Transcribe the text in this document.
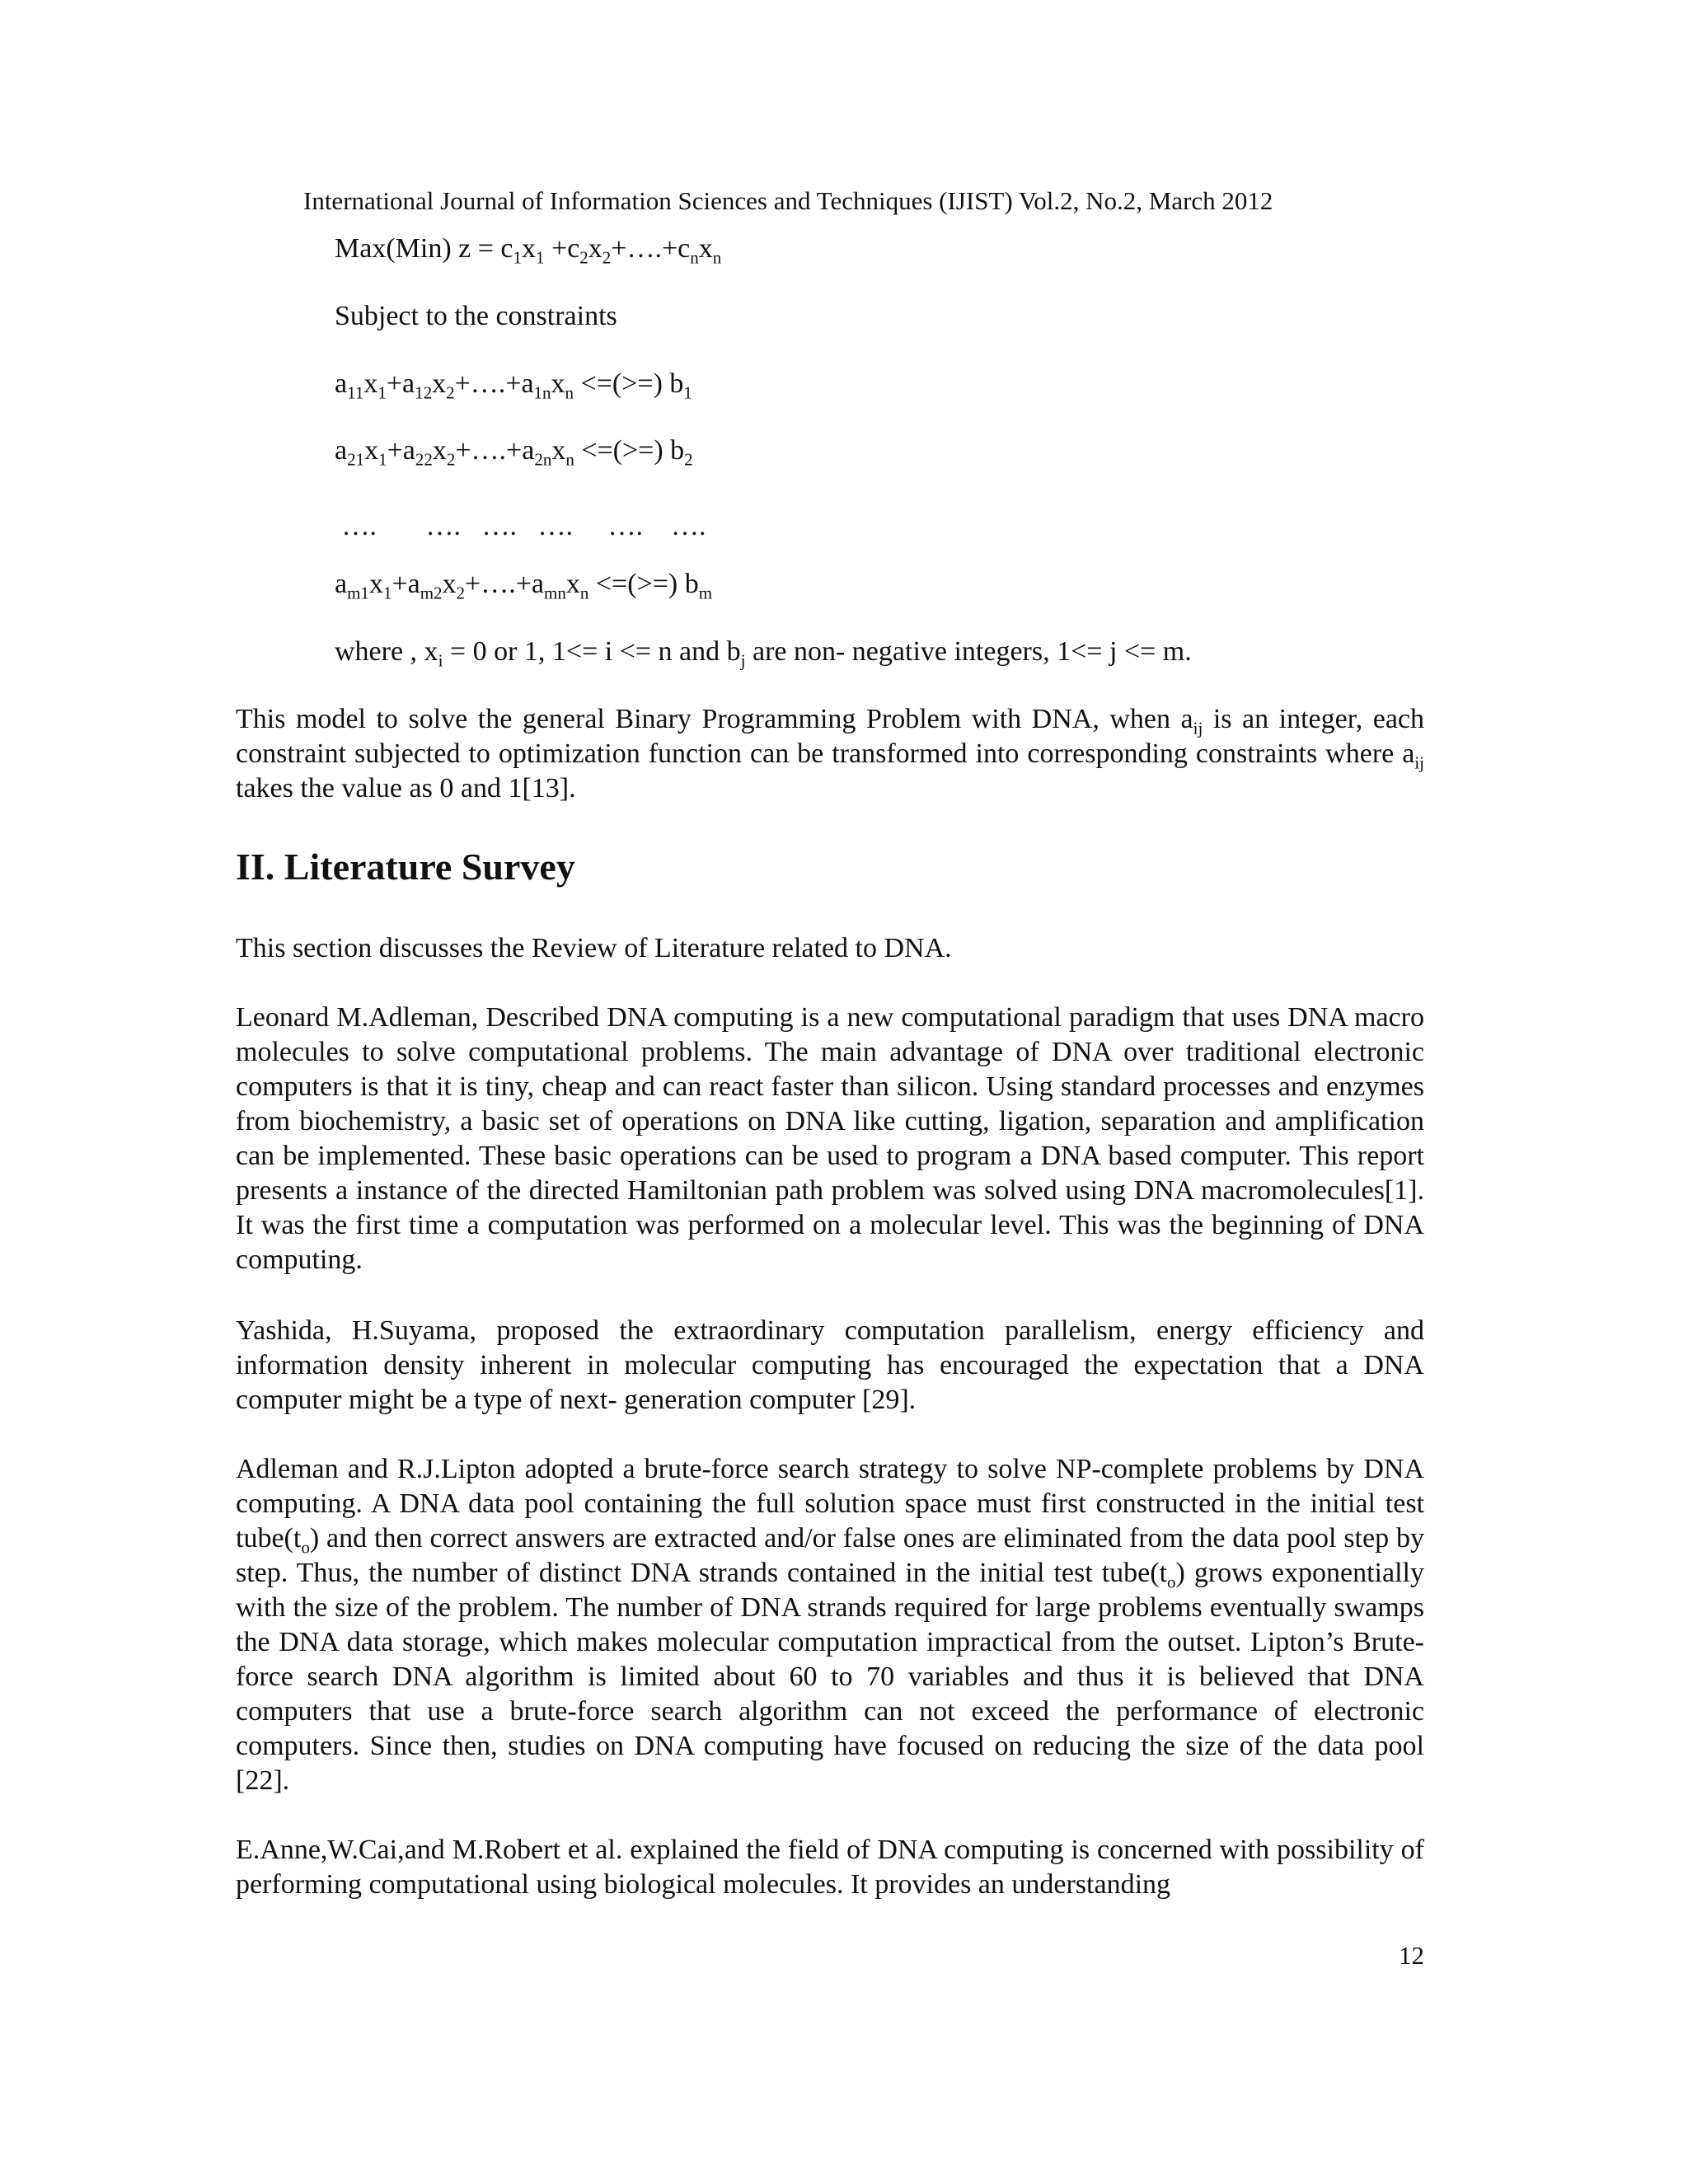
International Journal of Information Sciences and Techniques (IJIST) Vol.2, No.2, March 2012
Max(Min) $z = c_1x_1$ $+c_2x_2+\dots.+c_nx_n$
Subject to the constraints
$a_{11}x_1+a_{12}x_2+\dots.+a_{1n}x_n$ <=(>=) $b_1$
$a_{21}x_1+a_{22}x_2+\dots.+a_{2n}x_n$ <=(>=) $b_2$
….       ….   ….   ….     ….    ….
$a_{m1}x_1+a_{m2}x_2+\dots.+a_{mn}x_n$ <=(>=) $b_m$
where , $x_i = 0$ or 1, 1<= i <= n and $b_j$ are non- negative integers, 1<= j <= m.
This model to solve the general Binary Programming Problem with DNA, when $a_{ij}$ is an integer, each constraint subjected to optimization function can be transformed into corresponding constraints where $a_{ij}$ takes the value as 0 and 1[13].
II. Literature Survey
This section discusses the Review of Literature related to DNA.
Leonard M.Adleman, Described DNA computing is a new computational paradigm that uses DNA macro molecules to solve computational problems. The main advantage of DNA over traditional electronic computers is that it is tiny, cheap and can react faster than silicon. Using standard processes and enzymes from biochemistry, a basic set of operations on DNA like cutting, ligation, separation and amplification can be implemented. These basic operations can be used to program a DNA based computer. This report presents a instance of the directed Hamiltonian path problem was solved using DNA macromolecules[1]. It was the first time a computation was performed on a molecular level. This was the beginning of DNA computing.
Yashida, H.Suyama, proposed the extraordinary computation parallelism, energy efficiency and information density inherent in molecular computing has encouraged the expectation that a DNA computer might be a type of next- generation computer [29].
Adleman and R.J.Lipton adopted a brute-force search strategy to solve NP-complete problems by DNA computing. A DNA data pool containing the full solution space must first constructed in the initial test $tube(t_o)$ and then correct answers are extracted and/or false ones are eliminated from the data pool step by step. Thus, the number of distinct DNA strands contained in the initial test $tube(t_o)$ grows exponentially with the size of the problem. The number of DNA strands required for large problems eventually swamps the DNA data storage, which makes molecular computation impractical from the outset. Lipton’s Brute-force search DNA algorithm is limited about 60 to 70 variables and thus it is believed that DNA computers that use a brute-force search algorithm can not exceed the performance of electronic computers. Since then, studies on DNA computing have focused on reducing the size of the data pool [22].
E.Anne,W.Cai,and M.Robert et al. explained the field of DNA computing is concerned with possibility of performing computational using biological molecules. It provides an understanding
12
